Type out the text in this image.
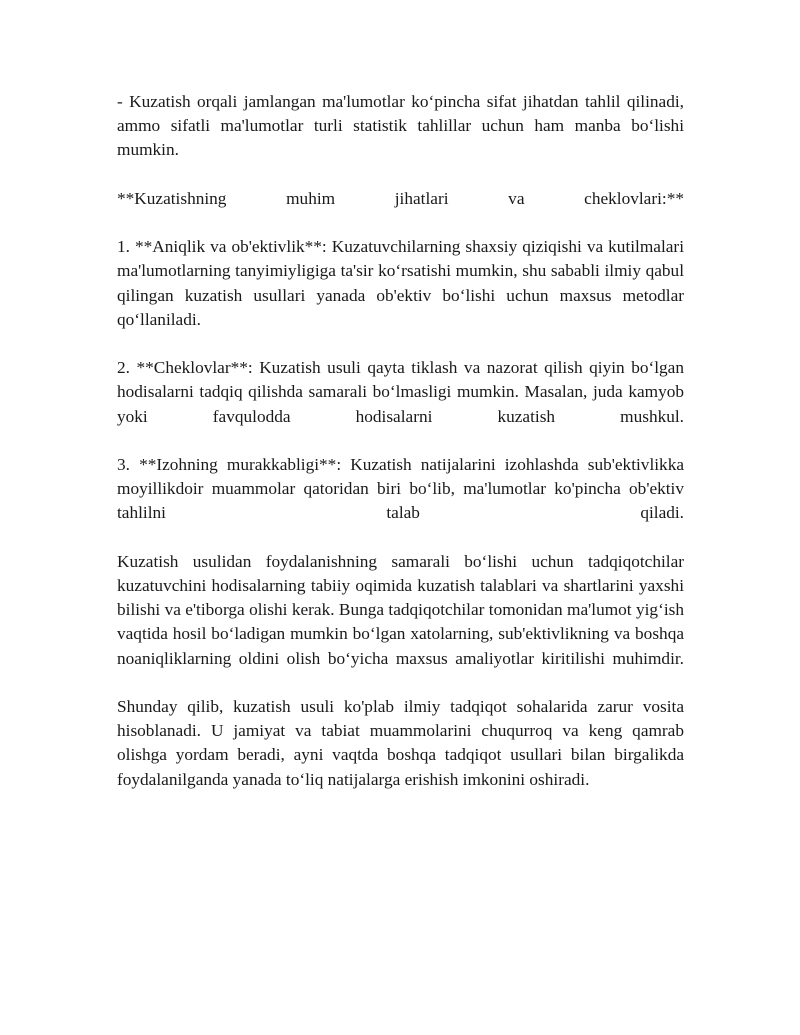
- Kuzatish orqali jamlangan ma'lumotlar koʻpincha sifat jihatdan tahlil qilinadi, ammo sifatli ma'lumotlar turli statistik tahlillar uchun ham manba boʻlishi mumkin.

**Kuzatishning muhim jihatlari va cheklovlari:**

1. **Aniqlik va ob'ektivlik**: Kuzatuvchilarning shaxsiy qiziqishi va kutilmalari ma'lumotlarning tanyimiyligiga ta'sir koʻrsatishi mumkin, shu sababli ilmiy qabul qilingan kuzatish usullari yanada ob'ektiv boʻlishi uchun maxsus metodlar qoʻllaniladi.

2. **Cheklovlar**: Kuzatish usuli qayta tiklash va nazorat qilish qiyin boʻlgan hodisalarni tadqiq qilishda samarali boʻlmasligi mumkin. Masalan, juda kamyob yoki favqulodda hodisalarni kuzatish mushkul.

3. **Izohning murakkabligi**: Kuzatish natijalarini izohlashda sub'ektivlikka moyillikdoir muammolar qatoridan biri boʻlib, ma'lumotlar ko'pincha ob'ektiv tahlilni talab qiladi.

Kuzatish usulidan foydalanishning samarali boʻlishi uchun tadqiqotchilar kuzatuvchini hodisalarning tabiiy oqimida kuzatish talablari va shartlarini yaxshi bilishi va e'tiborga olishi kerak. Bunga tadqiqotchilar tomonidan ma'lumot yigʻish vaqtida hosil boʻladigan mumkin boʻlgan xatolarning, sub'ektivlikning va boshqa noaniqliklarning oldini olish boʻyicha maxsus amaliyotlar kiritilishi muhimdir.

Shunday qilib, kuzatish usuli ko'plab ilmiy tadqiqot sohalarida zarur vosita hisoblanadi. U jamiyat va tabiat muammolarini chuqurroq va keng qamrab olishga yordam beradi, ayni vaqtda boshqa tadqiqot usullari bilan birgalikda foydalanilganda yanada toʻliq natijalarga erishish imkonini oshiradi.
